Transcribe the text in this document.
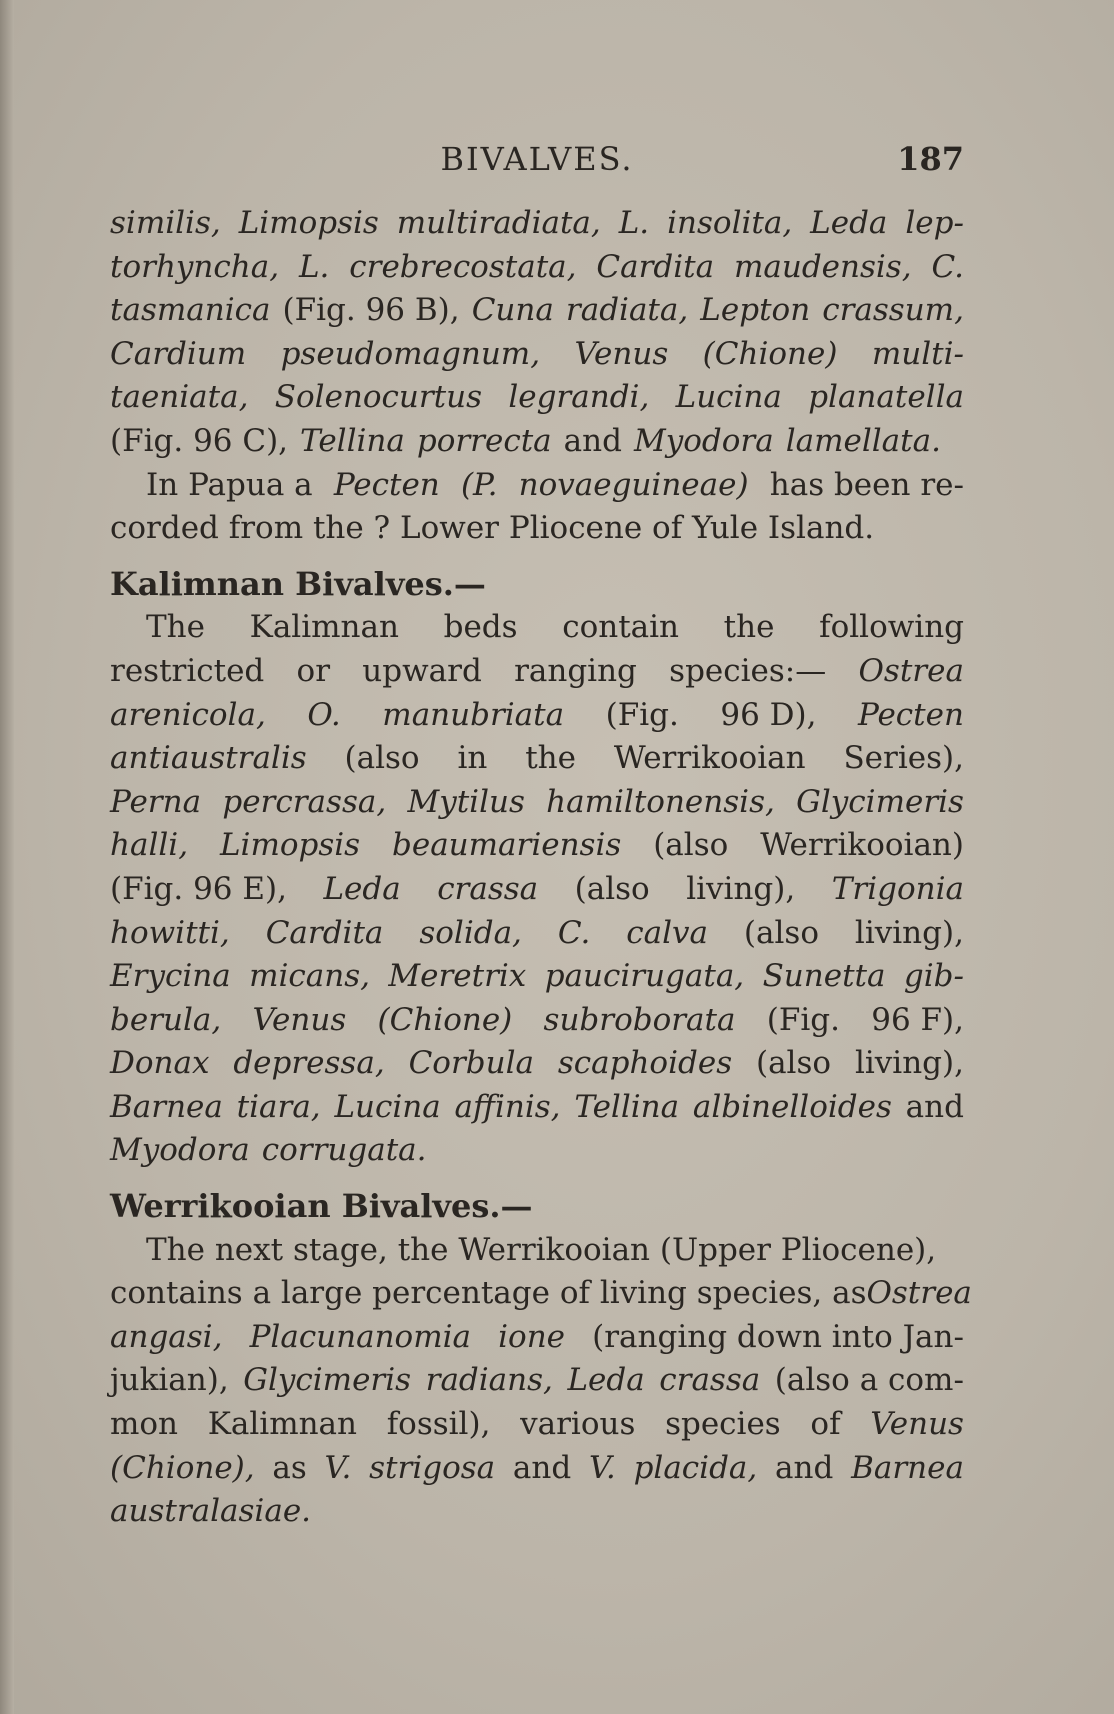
BIVALVES.	187
similis, Limopsis multiradiata, L. insolita, Leda lep-
torhyncha, L. crebrecostata, Cardita maudensis, C.
tasmanica (Fig. 96 B), Cuna radiata, Lepton crassum,
Cardium pseudomagnum, Venus (Chione) multi-
taeniata, Solenocurtus legrandi, Lucina planatella
(Fig. 96 C), Tellina porrecta and Myodora lamellata.
In Papua a Pecten (P. novaeguineae) has been re-
corded from the ? Lower Pliocene of Yule Island.
Kalimnan Bivalves.—
The Kalimnan beds contain the following
restricted or upward ranging species:— Ostrea
arenicola, O. manubriata (Fig. 96 D), Pecten
antiaustralis (also in the Werrikooian Series),
Perna percrassa, Mytilus hamiltonensis, Glycimeris
halli, Limopsis beaumariensis (also Werrikooian)
(Fig. 96 E), Leda crassa (also living), Trigonia
howitti, Cardita solida, C. calva (also living),
Erycina micans, Meretrix paucirugata, Sunetta gib-
berula, Venus (Chione) subroborata (Fig. 96 F),
Donax depressa, Corbula scaphoides (also living),
Barnea tiara, Lucina affinis, Tellina albinelloides and
Myodora corrugata.
Werrikooian Bivalves.—
The next stage, the Werrikooian (Upper Pliocene),
contains a large percentage of living species, as Ostrea
angasi, Placunanomia ione (ranging down into Jan-
jukian), Glycimeris radians, Leda crassa (also a com-
mon Kalimnan fossil), various species of Venus
(Chione), as V. strigosa and V. placida, and Barnea
australasiae.
